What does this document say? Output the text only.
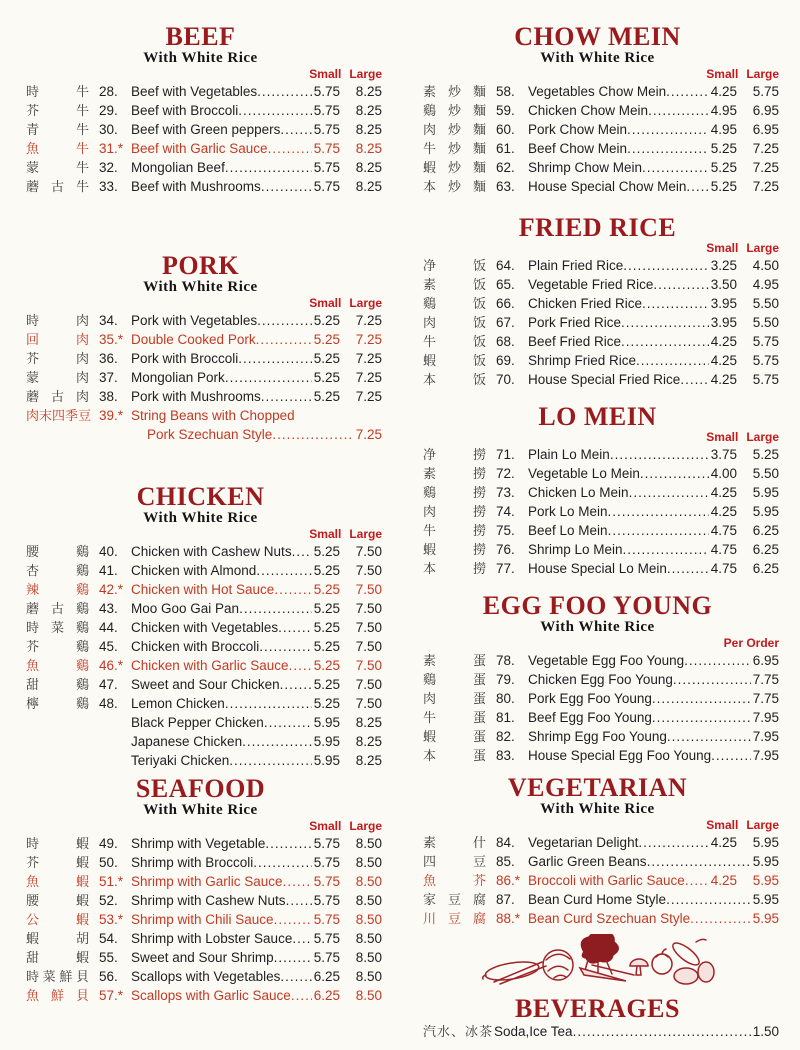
BEEF
With White Rice
Small Large
時	牛 28. Beef with Vegetables .....	5.75 8.25
芥	牛 29. Beef with Broccoli .....	5.75 8.25
青	牛 30. Beef with Green peppers ..... 5.75 8.25
魚	牛 31.* Beef with Garlic Sauce .....	5.75 8.25
蒙	牛 32. Mongolian Beef .....	5.75 8.25
蘑 古 牛 33. Beef with Mushrooms .....	5.75 8.25
PORK
With White Rice
Small Large
時	肉 34. Pork with Vegetables .....	5.25 7.25
回	肉 35.* Double Cooked Pork .....	5.25 7.25
芥	肉 36. Pork with Broccoli .....	5.25 7.25
蒙	肉 37. Mongolian Pork .....	5.25 7.25
蘑 古 肉 38. Pork with Mushrooms .....	5.25 7.25
肉 末 四 季 豆 39.* String Beans with Chopped
Pork Szechuan Style .....	7.25
CHICKEN
With White Rice
Small Large
腰	鷄 40. Chicken with Cashew Nuts ..... 5.25 7.50
杏	鷄 41. Chicken with Almond .....	5.25 7.50
辣	鷄 42.* Chicken with Hot Sauce .....	5.25 7.50
蘑 古 鷄 43. Moo Goo Gai Pan .....	5.25 7.50
時 菜 鷄 44. Chicken with Vegetables .....	5.25 7.50
芥	鷄 45. Chicken with Broccoli .....	5.25 7.50
魚	鷄 46.* Chicken with Garlic Sauce ..... 5.25 7.50
甜	鷄 47. Sweet and Sour Chicken .....	5.25 7.50
檸	鷄 48. Lemon Chicken .....	5.25 7.50
Black Pepper Chicken .....	5.95 8.25
Japanese Chicken .....	5.95 8.25
Teriyaki Chicken .....	5.95 8.25
SEAFOOD
With White Rice
Small Large
時	蝦 49. Shrimp with Vegetable .....	5.75 8.50
芥	蝦 50. Shrimp with Broccoli .....	5.75 8.50
魚	蝦 51.* Shrimp with Garlic Sauce ..... 5.75 8.50
腰	蝦 52. Shrimp with Cashew Nuts ..... 5.75 8.50
公	蝦 53.* Shrimp with Chili Sauce .....	5.75 8.50
蝦	胡 54. Shrimp with Lobster Sauce ..... 5.75 8.50
甜	蝦 55. Sweet and Sour Shrimp .....	5.75 8.50
時 菜 鮮 貝 56. Scallops with Vegetables ..... 6.25 8.50
魚 鮮 貝 57.* Scallops with Garlic Sauce ..... 6.25 8.50
CHOW MEIN
With White Rice
Small Large
素 炒 麵 58. Vegetables Chow Mein .....	4.25 5.75
鷄 炒 麵 59. Chicken Chow Mein .....	4.95 6.95
肉 炒 麵 60. Pork Chow Mein .....	4.95 6.95
牛 炒 麵 61. Beef Chow Mein .....	5.25 7.25
蝦 炒 麵 62. Shrimp Chow Mein .....	5.25 7.25
本 炒 麵 63. House Special Chow Mein ..... 5.25 7.25
FRIED RICE
Small Large
净	饭 64. Plain Fried Rice .....	3.25 4.50
素	饭 65. Vegetable Fried Rice .....	3.50 4.95
鷄	饭 66. Chicken Fried Rice .....	3.95 5.50
肉	饭 67. Pork Fried Rice .....	3.95 5.50
牛	饭 68. Beef Fried Rice .....	4.25 5.75
蝦	饭 69. Shrimp Fried Rice .....	4.25 5.75
本	饭 70. House Special Fried Rice ..... 4.25 5.75
LO MEIN
Small Large
净	撈 71. Plain Lo Mein .....	3.75 5.25
素	撈 72. Vegetable Lo Mein .....	4.00 5.50
鷄	撈 73. Chicken Lo Mein .....	4.25 5.95
肉	撈 74. Pork Lo Mein .....	4.25 5.95
牛	撈 75. Beef Lo Mein .....	4.75 6.25
蝦	撈 76. Shrimp Lo Mein .....	4.75 6.25
本	撈 77. House Special Lo Mein .....	4.75 6.25
EGG FOO YOUNG
With White Rice
Per Order
素	蛋 78. Vegetable Egg Foo Young .....	6.95
鷄	蛋 79. Chicken Egg Foo Young .....	7.75
肉	蛋 80. Pork Egg Foo Young .....	7.75
牛	蛋 81. Beef Egg Foo Young .....	7.95
蝦	蛋 82. Shrimp Egg Foo Young .....	7.95
本	蛋 83. House Special Egg Foo Young .....	7.95
VEGETARIAN
With White Rice
Small Large
素	什 84. Vegetarian Delight .....	4.25 5.95
四	豆 85. Garlic Green Beans .....	5.95
魚	芥 86.* Broccoli with Garlic Sauce ..... 4.25 5.95
家 豆 腐 87. Bean Curd Home Style .....	5.95
川 豆 腐 88.* Bean Curd Szechuan Style .....	5.95
BEVERAGES
汽 水 、 冰 茶 Soda,Ice Tea .....	1.50
